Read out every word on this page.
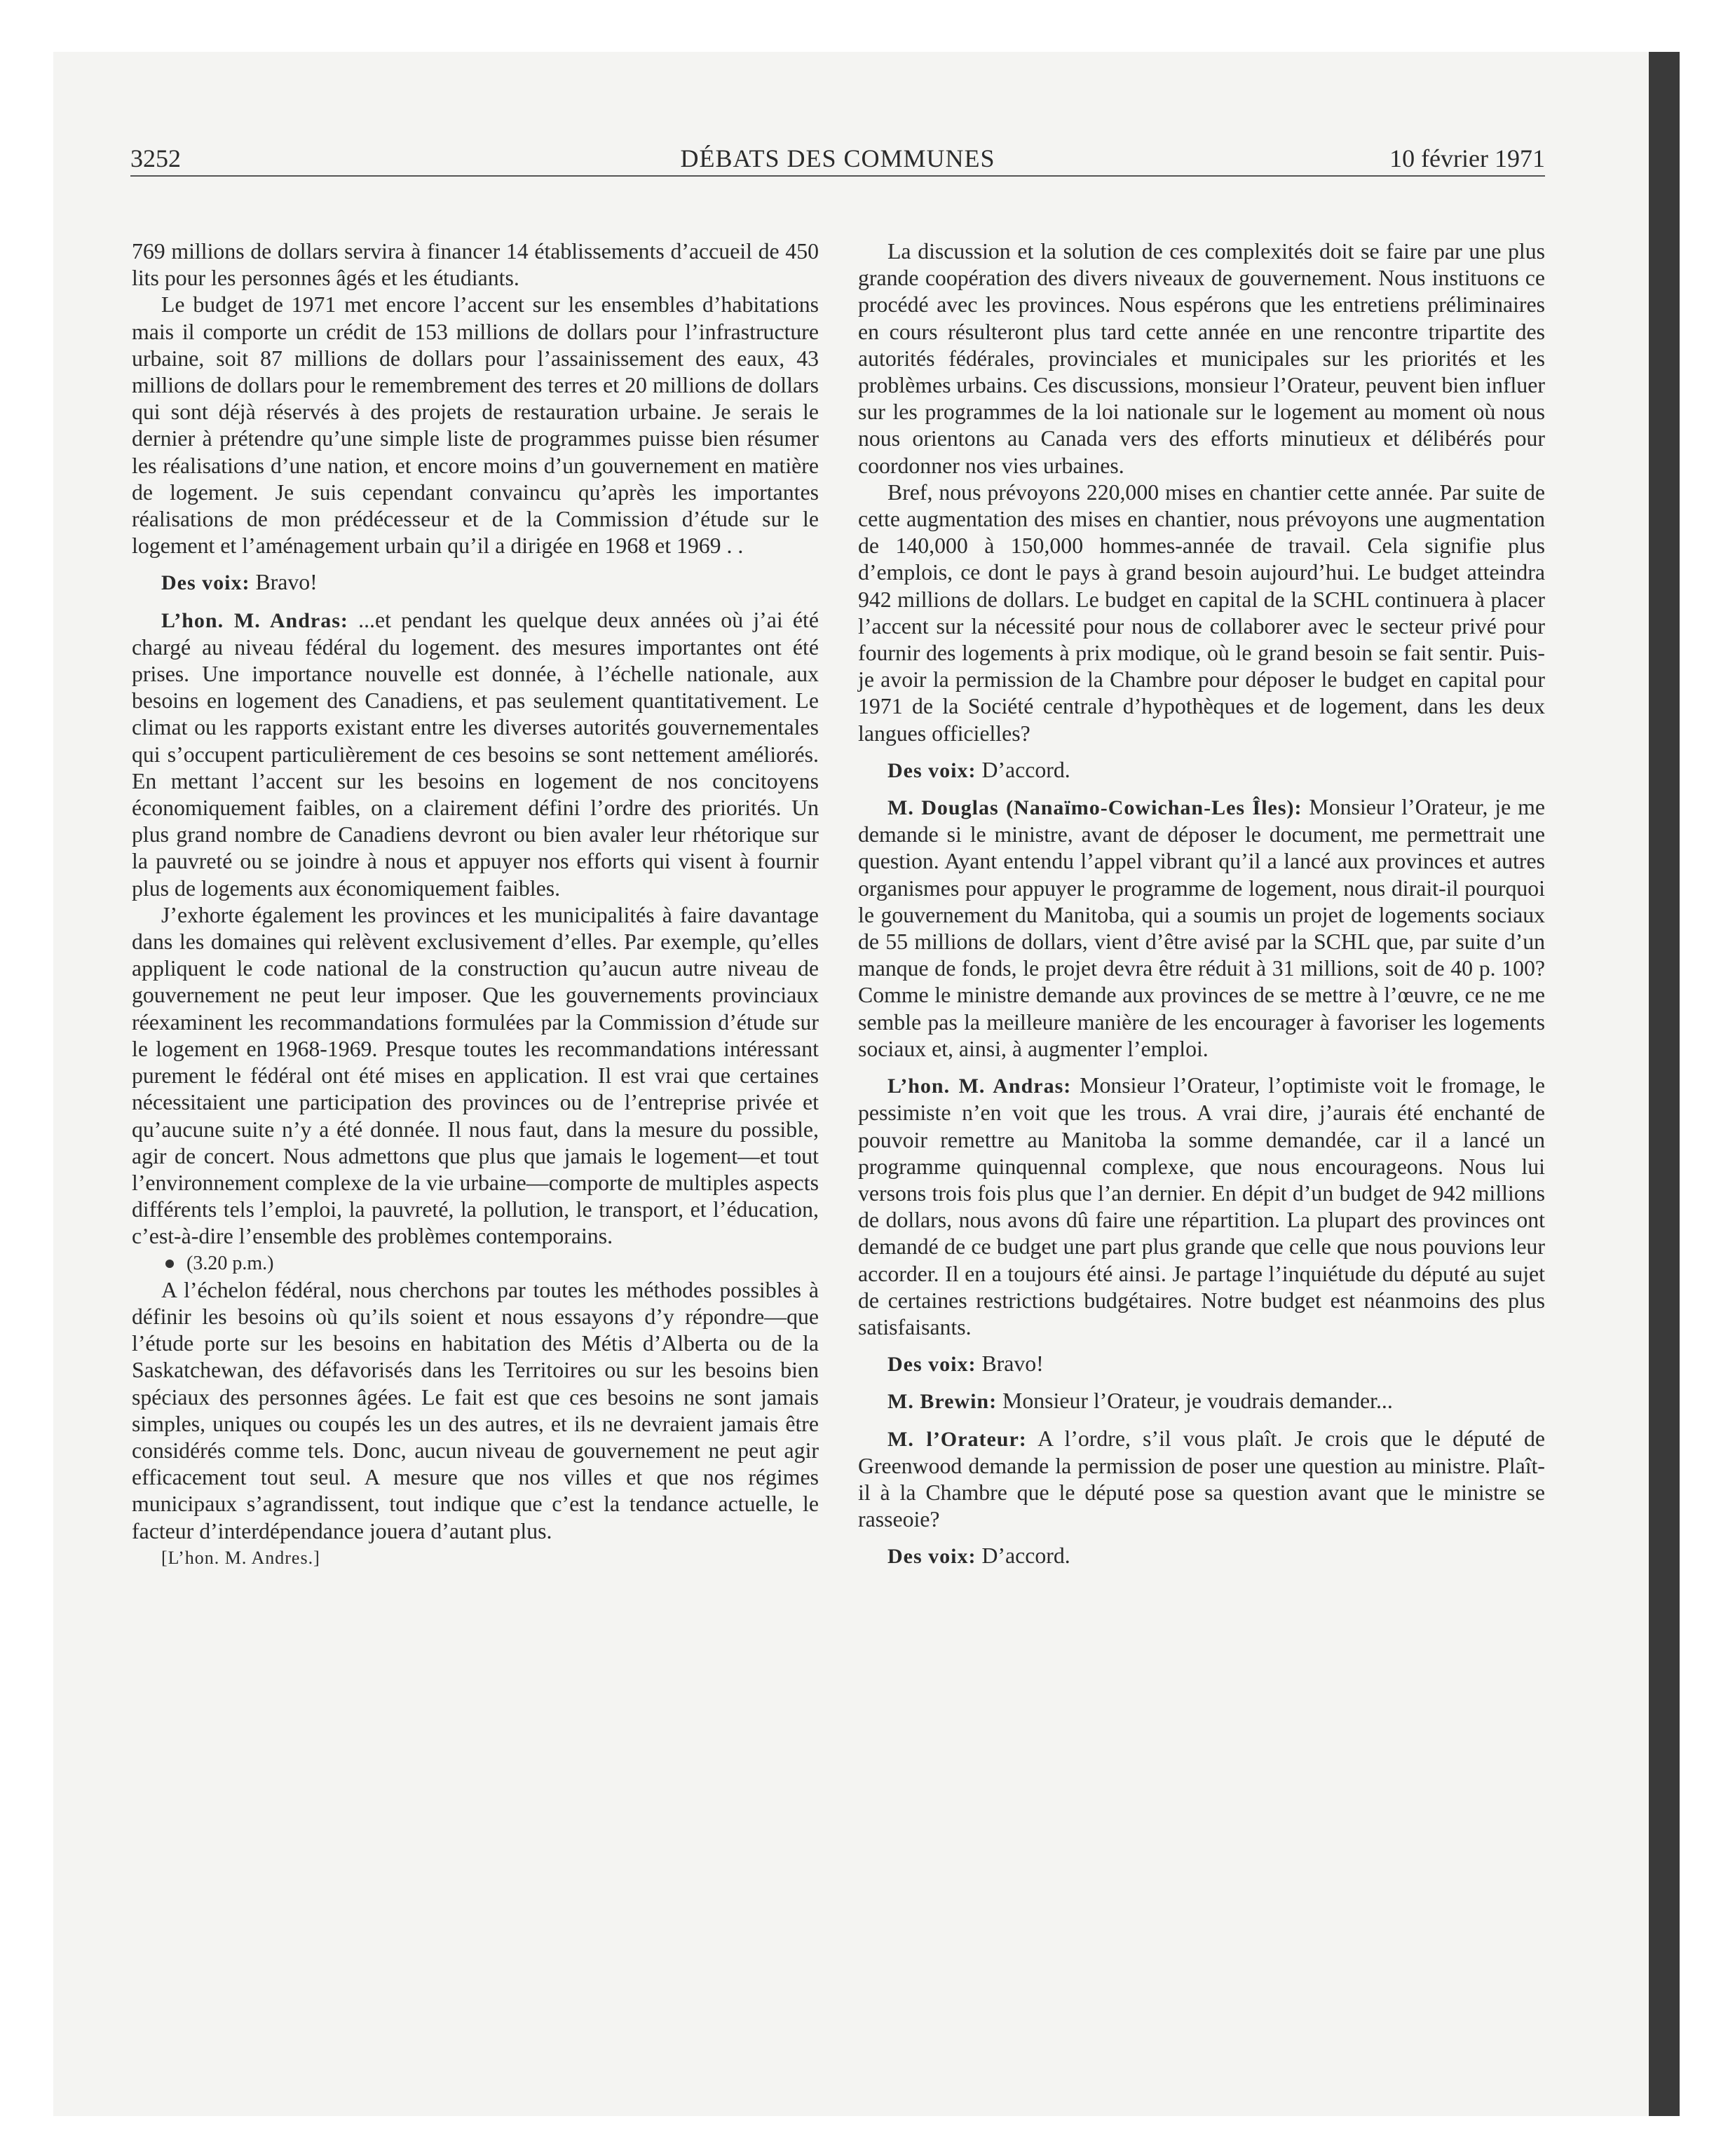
3252	DÉBATS DES COMMUNES	10 février 1971

769 millions de dollars servira à financer 14 établissements d’accueil de 450 lits pour les personnes âgés et les étudiants.

Le budget de 1971 met encore l’accent sur les ensembles d’habitations mais il comporte un crédit de 153 millions de dollars pour l’infrastructure urbaine, soit 87 millions de dollars pour l’assainissement des eaux, 43 millions de dollars pour le remembrement des terres et 20 millions de dollars qui sont déjà réservés à des projets de restauration urbaine. Je serais le dernier à prétendre qu’une simple liste de programmes puisse bien résumer les réalisations d’une nation, et encore moins d’un gouvernement en matière de logement. Je suis cependant convaincu qu’après les importantes réalisations de mon prédécesseur et de la Commission d’étude sur le logement et l’aménagement urbain qu’il a dirigée en 1968 et 1969 . .

Des voix: Bravo!

L’hon. M. Andras: ...et pendant les quelque deux années où j’ai été chargé au niveau fédéral du logement. des mesures importantes ont été prises. Une importance nouvelle est donnée, à l’échelle nationale, aux besoins en logement des Canadiens, et pas seulement quantitativement. Le climat ou les rapports existant entre les diverses autorités gouvernementales qui s’occupent particulièrement de ces besoins se sont nettement améliorés. En mettant l’accent sur les besoins en logement de nos concitoyens économiquement faibles, on a clairement défini l’ordre des priorités. Un plus grand nombre de Canadiens devront ou bien avaler leur rhétorique sur la pauvreté ou se joindre à nous et appuyer nos efforts qui visent à fournir plus de logements aux économiquement faibles.

J’exhorte également les provinces et les municipalités à faire davantage dans les domaines qui relèvent exclusivement d’elles. Par exemple, qu’elles appliquent le code national de la construction qu’aucun autre niveau de gouvernement ne peut leur imposer. Que les gouvernements provinciaux réexaminent les recommandations formulées par la Commission d’étude sur le logement en 1968-1969. Presque toutes les recommandations intéressant purement le fédéral ont été mises en application. Il est vrai que certaines nécessitaient une participation des provinces ou de l’entreprise privée et qu’aucune suite n’y a été donnée. Il nous faut, dans la mesure du possible, agir de concert. Nous admettons que plus que jamais le logement—et tout l’environnement complexe de la vie urbaine—comporte de multiples aspects différents tels l’emploi, la pauvreté, la pollution, le transport, et l’éducation, c’est-à-dire l’ensemble des problèmes contemporains.

(3.20 p.m.)

A l’échelon fédéral, nous cherchons par toutes les méthodes possibles à définir les besoins où qu’ils soient et nous essayons d’y répondre—que l’étude porte sur les besoins en habitation des Métis d’Alberta ou de la Saskatchewan, des défavorisés dans les Territoires ou sur les besoins bien spéciaux des personnes âgées. Le fait est que ces besoins ne sont jamais simples, uniques ou coupés les un des autres, et ils ne devraient jamais être considérés comme tels. Donc, aucun niveau de gouvernement ne peut agir efficacement tout seul. A mesure que nos villes et que nos régimes municipaux s’agrandissent, tout indique que c’est la tendance actuelle, le facteur d’interdépendance jouera d’autant plus.

[L’hon. M. Andres.]

La discussion et la solution de ces complexités doit se faire par une plus grande coopération des divers niveaux de gouvernement. Nous instituons ce procédé avec les provinces. Nous espérons que les entretiens préliminaires en cours résulteront plus tard cette année en une rencontre tripartite des autorités fédérales, provinciales et municipales sur les priorités et les problèmes urbains. Ces discussions, monsieur l’Orateur, peuvent bien influer sur les programmes de la loi nationale sur le logement au moment où nous nous orientons au Canada vers des efforts minutieux et délibérés pour coordonner nos vies urbaines.

Bref, nous prévoyons 220,000 mises en chantier cette année. Par suite de cette augmentation des mises en chantier, nous prévoyons une augmentation de 140,000 à 150,000 hommes-année de travail. Cela signifie plus d’emplois, ce dont le pays à grand besoin aujourd’hui. Le budget atteindra 942 millions de dollars. Le budget en capital de la SCHL continuera à placer l’accent sur la nécessité pour nous de collaborer avec le secteur privé pour fournir des logements à prix modique, où le grand besoin se fait sentir. Puis-je avoir la permission de la Chambre pour déposer le budget en capital pour 1971 de la Société centrale d’hypothèques et de logement, dans les deux langues officielles?

Des voix: D’accord.

M. Douglas (Nanaïmo-Cowichan-Les Îles): Monsieur l’Orateur, je me demande si le ministre, avant de déposer le document, me permettrait une question. Ayant entendu l’appel vibrant qu’il a lancé aux provinces et autres organismes pour appuyer le programme de logement, nous dirait-il pourquoi le gouvernement du Manitoba, qui a soumis un projet de logements sociaux de 55 millions de dollars, vient d’être avisé par la SCHL que, par suite d’un manque de fonds, le projet devra être réduit à 31 millions, soit de 40 p. 100? Comme le ministre demande aux provinces de se mettre à l’œuvre, ce ne me semble pas la meilleure manière de les encourager à favoriser les logements sociaux et, ainsi, à augmenter l’emploi.

L’hon. M. Andras: Monsieur l’Orateur, l’optimiste voit le fromage, le pessimiste n’en voit que les trous. A vrai dire, j’aurais été enchanté de pouvoir remettre au Manitoba la somme demandée, car il a lancé un programme quinquennal complexe, que nous encourageons. Nous lui versons trois fois plus que l’an dernier. En dépit d’un budget de 942 millions de dollars, nous avons dû faire une répartition. La plupart des provinces ont demandé de ce budget une part plus grande que celle que nous pouvions leur accorder. Il en a toujours été ainsi. Je partage l’inquiétude du député au sujet de certaines restrictions budgétaires. Notre budget est néanmoins des plus satisfaisants.

Des voix: Bravo!

M. Brewin: Monsieur l’Orateur, je voudrais demander...

M. l’Orateur: A l’ordre, s’il vous plaît. Je crois que le député de Greenwood demande la permission de poser une question au ministre. Plaît-il à la Chambre que le député pose sa question avant que le ministre se rasseoie?

Des voix: D’accord.
